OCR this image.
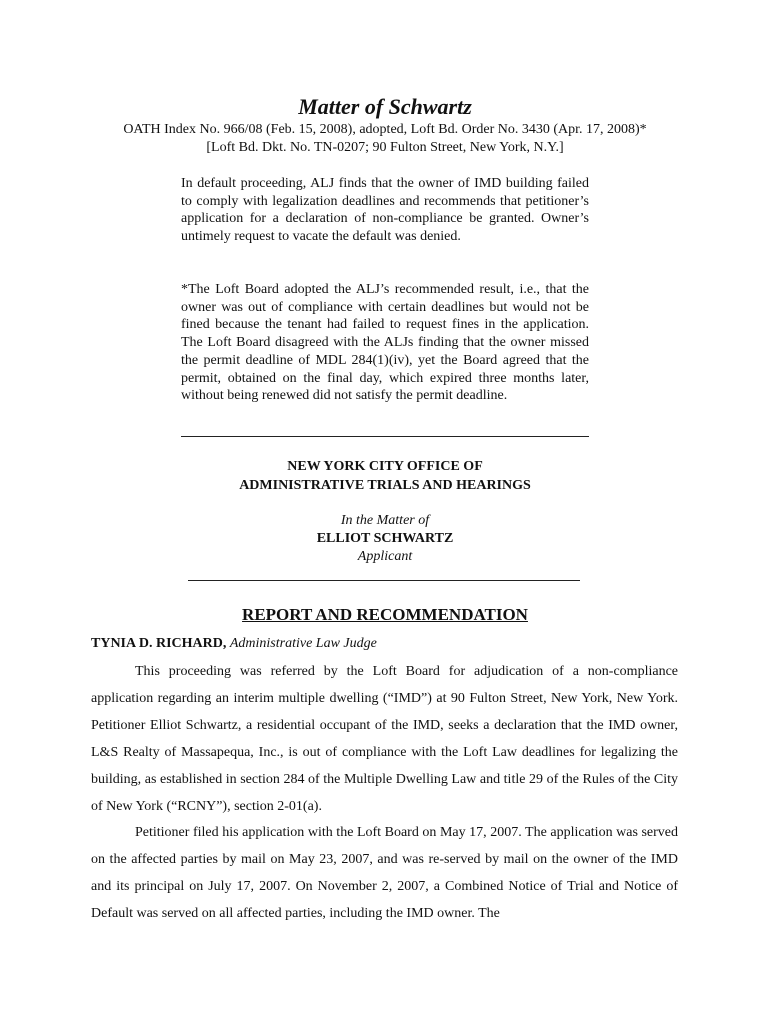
Matter of Schwartz
OATH Index No. 966/08 (Feb. 15, 2008), adopted, Loft Bd. Order No. 3430 (Apr. 17, 2008)*
[Loft Bd. Dkt. No. TN-0207; 90 Fulton Street, New York, N.Y.]
In default proceeding, ALJ finds that the owner of IMD building failed to comply with legalization deadlines and recommends that petitioner’s application for a declaration of non-compliance be granted. Owner’s untimely request to vacate the default was denied.
*The Loft Board adopted the ALJ’s recommended result, i.e., that the owner was out of compliance with certain deadlines but would not be fined because the tenant had failed to request fines in the application. The Loft Board disagreed with the ALJs finding that the owner missed the permit deadline of MDL 284(1)(iv), yet the Board agreed that the permit, obtained on the final day, which expired three months later, without being renewed did not satisfy the permit deadline.
NEW YORK CITY OFFICE OF
ADMINISTRATIVE TRIALS AND HEARINGS
In the Matter of
ELLIOT SCHWARTZ
Applicant
REPORT AND RECOMMENDATION
TYNIA D. RICHARD, Administrative Law Judge
This proceeding was referred by the Loft Board for adjudication of a non-compliance application regarding an interim multiple dwelling (“IMD”) at 90 Fulton Street, New York, New York. Petitioner Elliot Schwartz, a residential occupant of the IMD, seeks a declaration that the IMD owner, L&S Realty of Massapequa, Inc., is out of compliance with the Loft Law deadlines for legalizing the building, as established in section 284 of the Multiple Dwelling Law and title 29 of the Rules of the City of New York (“RCNY”), section 2-01(a).
Petitioner filed his application with the Loft Board on May 17, 2007. The application was served on the affected parties by mail on May 23, 2007, and was re-served by mail on the owner of the IMD and its principal on July 17, 2007. On November 2, 2007, a Combined Notice of Trial and Notice of Default was served on all affected parties, including the IMD owner. The
